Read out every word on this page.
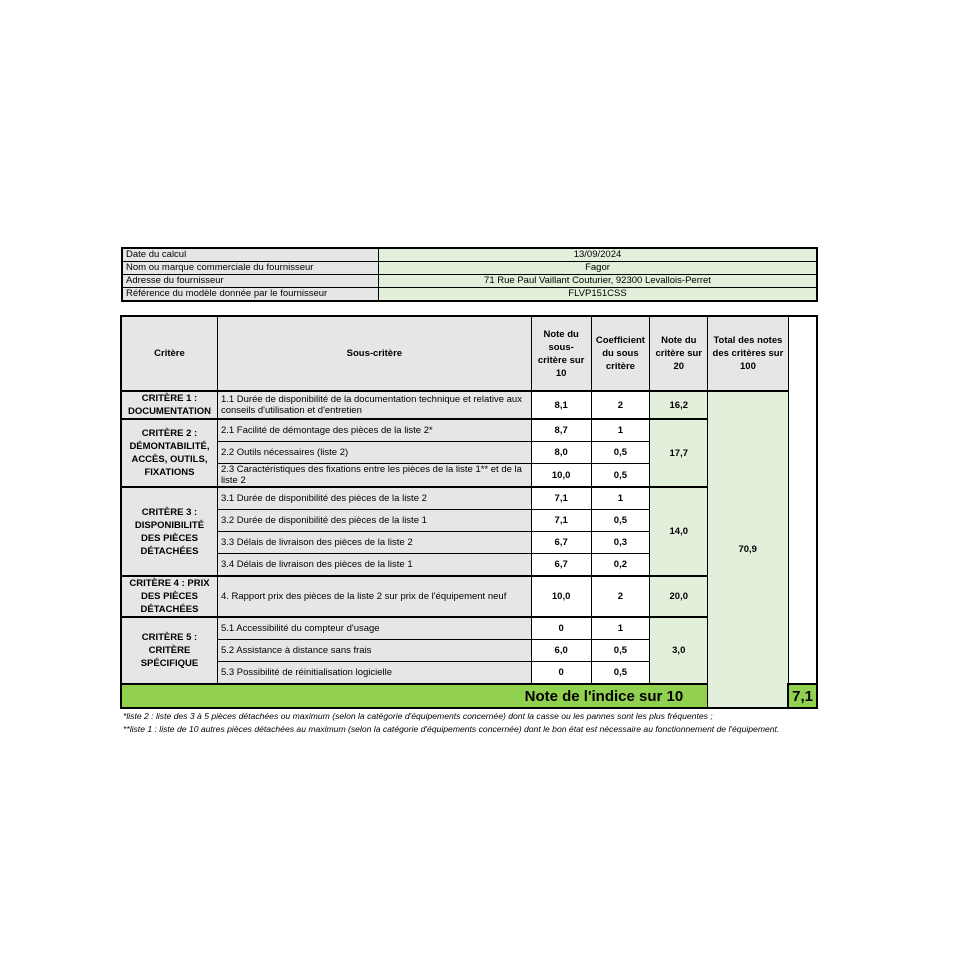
Date du calcul	13/09/2024
Nom ou marque commerciale du fournisseur	Fagor
Adresse du fournisseur	71 Rue Paul Vaillant Couturier, 92300 Levallois-Perret
Référence du modèle donnée par le fournisseur	FLVP151CSS
Critère	Sous-critère	Note du sous-critère sur 10	Coefficient du sous critère	Note du critère sur 20	Total des notes des critères sur 100	
CRITÈRE 1 : DOCUMENTATION	1.1 Durée de disponibilité de la documentation technique et relative aux conseils d'utilisation et d'entretien	8,1	2	16,2	70,9	
CRITÈRE 2 : DÉMONTABILITÉ, ACCÈS, OUTILS, FIXATIONS	2.1 Facilité de démontage des pièces de la liste 2*	8,7	1	17,7		
	2.2 Outils nécessaires (liste 2)	8,0	0,5			
	2.3 Caractéristiques des fixations entre les pièces de la liste 1** et de la liste 2	10,0	0,5			
CRITÈRE 3 : DISPONIBILITÉ DES PIÈCES DÉTACHÉES	3.1 Durée de disponibilité des pièces de la liste 2	7,1	1	14,0		
	3.2 Durée de disponibilité des pièces de la liste 1	7,1	0,5			
	3.3 Délais de livraison des pièces de la liste 2	6,7	0,3			
	3.4 Délais de livraison des pièces de la liste 1	6,7	0,2			
CRITÈRE 4 : PRIX DES PIÈCES DÉTACHÉES	4. Rapport prix des pièces de la liste 2 sur prix de l'équipement neuf	10,0	2	20,0		
CRITÈRE 5 : CRITÈRE SPÉCIFIQUE	5.1 Accessibilité du compteur d'usage	0	1	3,0		
	5.2 Assistance à distance sans frais	6,0	0,5			
	5.3 Possibilité de réinitialisation logicielle	0	0,5			
Note de l'indice sur 10						7,1

*liste 2 : liste des 3 à 5 pièces détachées ou maximum (selon la catégorie d'équipements concernée) dont la casse ou les pannes sont les plus fréquentes ;

**liste 1 : liste de 10 autres pièces détachées au maximum (selon la catégorie d'équipements concernée) dont le bon état est nécessaire au fonctionnement de l'équipement.
